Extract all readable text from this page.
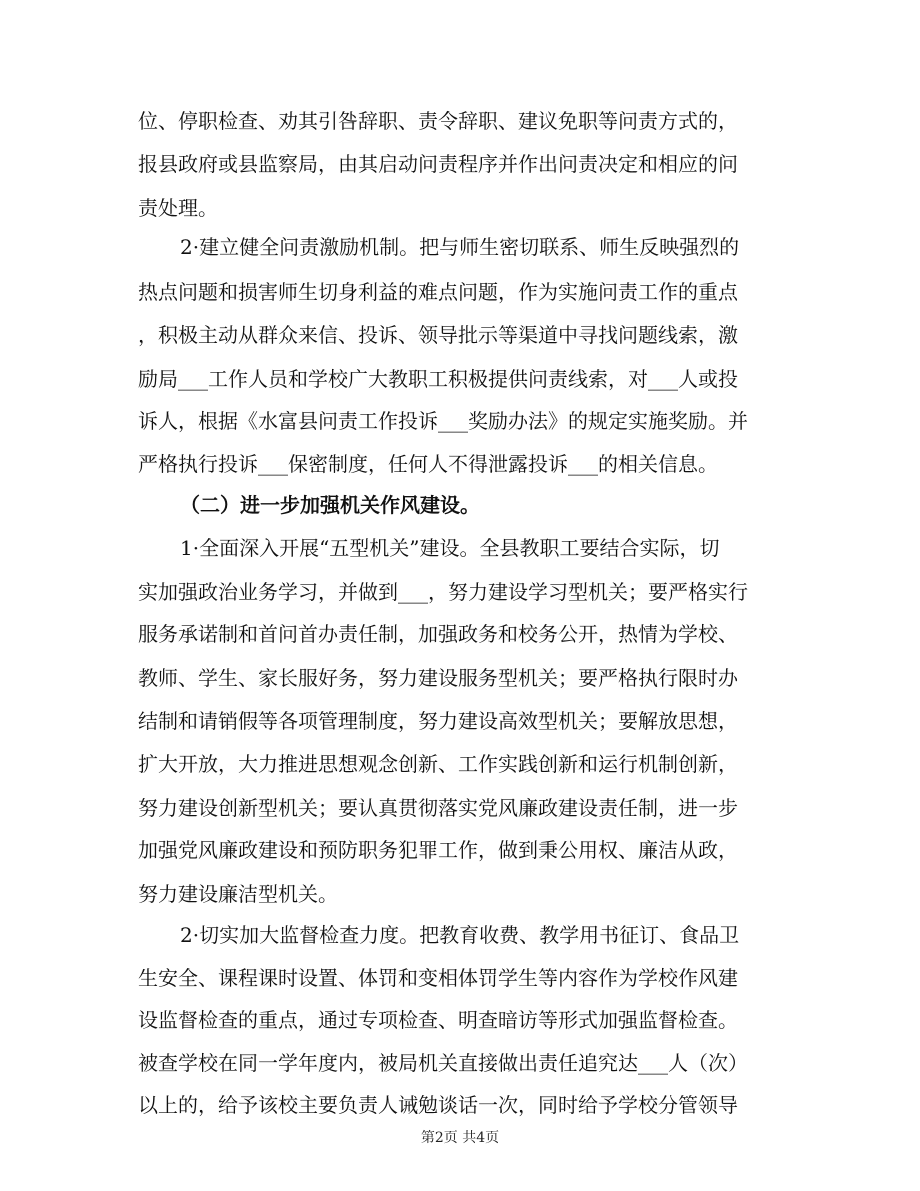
位、停职检查、劝其引咎辞职、责令辞职、建议免职等问责方式的，
报县政府或县监察局，由其启动问责程序并作出问责决定和相应的问
责处理。
2·建立健全问责激励机制。把与师生密切联系、师生反映强烈的
热点问题和损害师生切身利益的难点问题，作为实施问责工作的重点
，积极主动从群众来信、投诉、领导批示等渠道中寻找问题线索，激
励局___工作人员和学校广大教职工积极提供问责线索，对___人或投
诉人，根据《水富县问责工作投诉___奖励办法》的规定实施奖励。并
严格执行投诉___保密制度，任何人不得泄露投诉___的相关信息。
（二）进一步加强机关作风建设。
1·全面深入开展“五型机关”建设。全县教职工要结合实际，切
实加强政治业务学习，并做到___，努力建设学习型机关；要严格实行
服务承诺制和首问首办责任制，加强政务和校务公开，热情为学校、
教师、学生、家长服好务，努力建设服务型机关；要严格执行限时办
结制和请销假等各项管理制度，努力建设高效型机关；要解放思想，
扩大开放，大力推进思想观念创新、工作实践创新和运行机制创新，
努力建设创新型机关；要认真贯彻落实党风廉政建设责任制，进一步
加强党风廉政建设和预防职务犯罪工作，做到秉公用权、廉洁从政，
努力建设廉洁型机关。
2·切实加大监督检查力度。把教育收费、教学用书征订、食品卫
生安全、课程课时设置、体罚和变相体罚学生等内容作为学校作风建
设监督检查的重点，通过专项检查、明查暗访等形式加强监督检查。
被查学校在同一学年度内，被局机关直接做出责任追究达___人（次）
以上的，给予该校主要负责人诫勉谈话一次，同时给予学校分管领导
第2页 共4页
